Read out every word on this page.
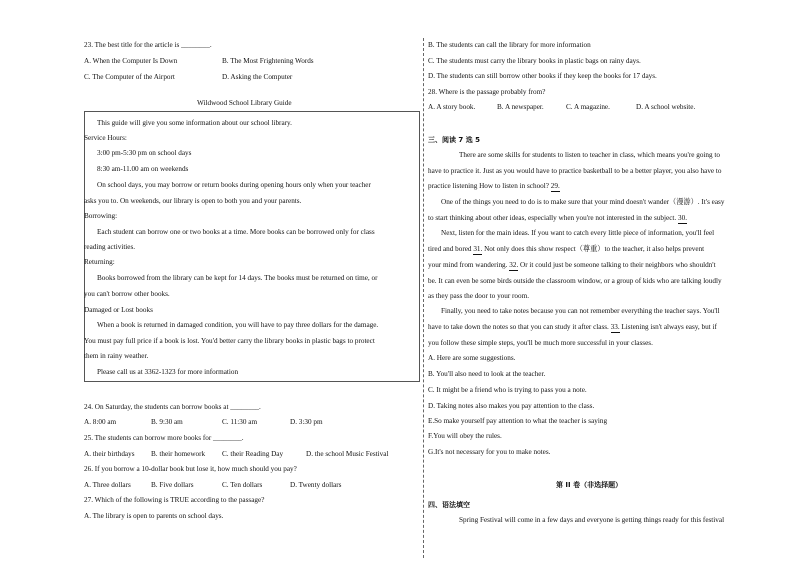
23. The best title for the article is ________.
A. When the Computer Is Down	B. The Most Frightening Words
C. The Computer of the Airport	D. Asking the Computer
Wildwood School Library Guide
This guide will give you some information about our school library.
Service Hours:
3:00 pm-5:30 pm on school days
8:30 am-11.00 am on weekends
On school days, you may borrow or return books during opening hours only when your teacher
asks you to. On weekends, our library is open to both you and your parents.
Borrowing:
Each student can borrow one or two books at a time. More books can be borrowed only for class
reading activities.
Returning:
Books borrowed from the library can be kept for 14 days. The books must be returned on time, or
you can't borrow other books.
Damaged or Lost books
When a book is returned in damaged condition, you will have to pay three dollars for the damage.
You must pay full price if a book is lost. You'd better carry the library books in plastic bags to protect
them in rainy weather.
Please call us at 3362-1323 for more information
24. On Saturday, the students can borrow books at ________.
A. 8:00 am	B. 9:30 am	C. 11:30 am	D. 3:30 pm
25. The students can borrow more books for ________.
A. their birthdays B. their homework C. their Reading Day	D. the school Music Festival
26. If you borrow a 10-dollar book but lose it, how much should you pay?
A. Three dollars	B. Five dollars	C. Ten dollars	D. Twenty dollars
27. Which of the following is TRUE according to the passage?
A. The library is open to parents on school days.
B. The students can call the library for more information
C. The students must carry the library books in plastic bags on rainy days.
D. The students can still borrow other books if they keep the books for 17 days.
28. Where is the passage probably from?
A. A story book.	B. A newspaper.	C. A magazine.	D. A school website.
三、阅读 7 选 5
There are some skills for students to listen to teacher in class, which means you're going to
have to practice it. Just as you would have to practice basketball to be a better player, you also have to
practice listening How to listen in school? 29.
One of the things you need to do is to make sure that your mind doesn't wander（漫游）. It's easy
to start thinking about other ideas, especially when you're not interested in the subject. 30.
Next, listen for the main ideas. If you want to catch every little piece of information, you'll feel
tired and bored 31. Not only does this show respect（尊重）to the teacher, it also helps prevent
your mind from wandering. 32. Or it could just be someone talking to their neighbors who shouldn't
be. It can even be some birds outside the classroom window, or a group of kids who are talking loudly
as they pass the door to your room.
Finally, you need to take notes because you can not remember everything the teacher says. You'll
have to take down the notes so that you can study it after class. 33. Listening isn't always easy, but if
you follow these simple steps, you'll be much more successful in your classes.
A. Here are some suggestions.
B. You'll also need to look at the teacher.
C. It might be a friend who is trying to pass you a note.
D. Taking notes also makes you pay attention to the class.
E.So make yourself pay attention to what the teacher is saying
F.You will obey the rules.
G.It's not necessary for you to make notes.
第 II 卷（非选择题）
四、语法填空
Spring Festival will come in a few days and everyone is getting things ready for this festival
